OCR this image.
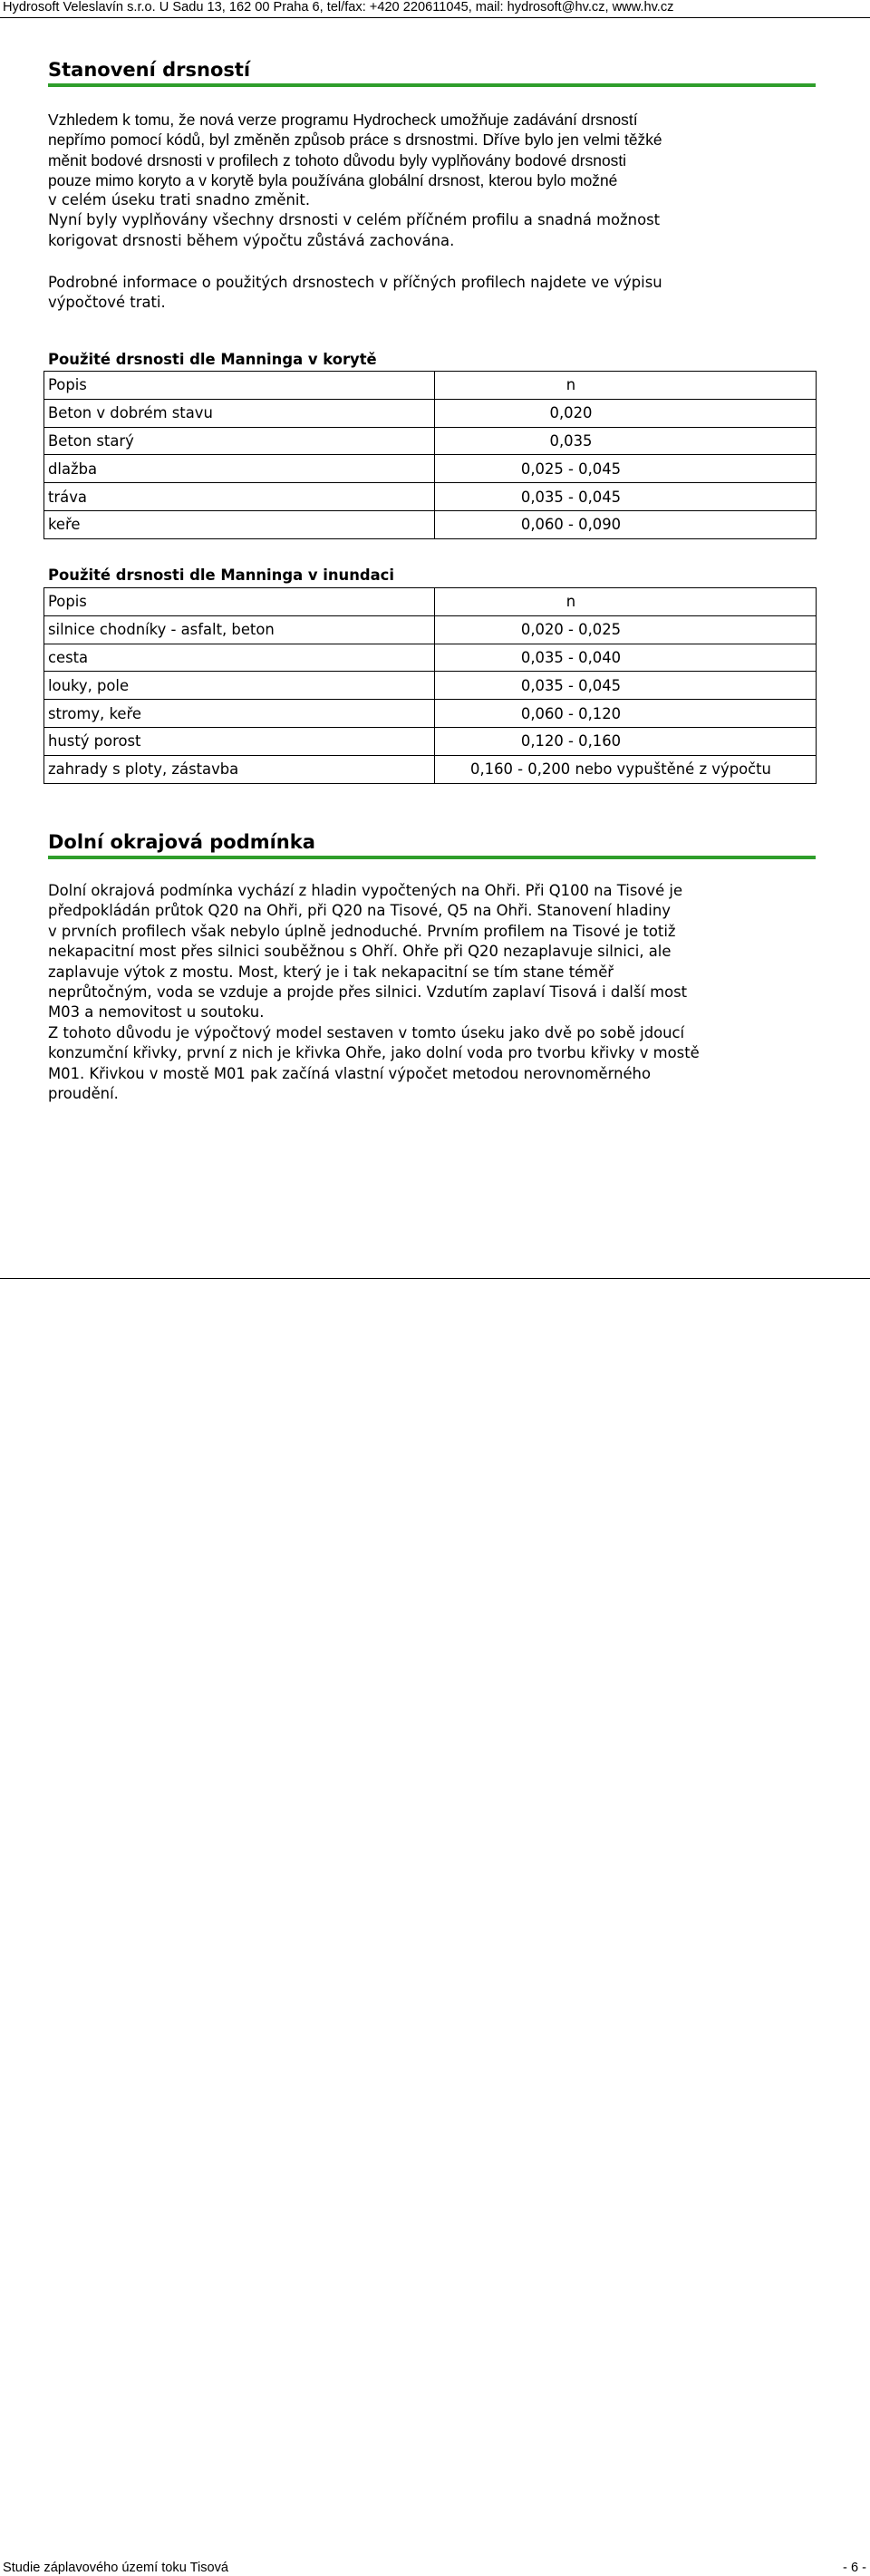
Hydrosoft Veleslavín s.r.o. U Sadu 13, 162 00 Praha 6, tel/fax: +420 220611045, mail: hydrosoft@hv.cz, www.hv.cz
Stanovení drsností
Vzhledem k tomu, že nová verze programu Hydrocheck umožňuje zadávání drsností
nepřímo pomocí kódů, byl změněn způsob práce s drsnostmi. Dříve bylo jen velmi těžké
měnit bodové drsnosti v profilech z tohoto důvodu byly vyplňovány bodové drsnosti
pouze mimo koryto a v korytě byla používána globální drsnost, kterou bylo možné
v celém úseku trati snadno změnit.
Nyní byly vyplňovány všechny drsnosti v celém příčném profilu a snadná možnost
korigovat drsnosti během výpočtu zůstává zachována.
Podrobné informace o použitých drsnostech v příčných profilech najdete ve výpisu
výpočtové trati.
Použité drsnosti dle Manninga v korytě
Popis	n
Beton v dobrém stavu	0,020
Beton starý	0,035
dlažba	0,025 - 0,045
tráva	0,035 - 0,045
keře	0,060 - 0,090
Použité drsnosti dle Manninga v inundaci
Popis	n
silnice chodníky - asfalt, beton	0,020 - 0,025
cesta	0,035 - 0,040
louky, pole	0,035 - 0,045
stromy, keře	0,060 - 0,120
hustý porost	0,120 - 0,160
zahrady s ploty, zástavba	0,160 - 0,200 nebo vypuštěné z výpočtu
Dolní okrajová podmínka
Dolní okrajová podmínka vychází z hladin vypočtených na Ohři. Při Q100 na Tisové je
předpokládán průtok Q20 na Ohři, při Q20 na Tisové, Q5 na Ohři. Stanovení hladiny
v prvních profilech však nebylo úplně jednoduché. Prvním profilem na Tisové je totiž
nekapacitní most přes silnici souběžnou s Ohří. Ohře při Q20 nezaplavuje silnici, ale
zaplavuje výtok z mostu. Most, který je i tak nekapacitní se tím stane téměř
neprůtočným, voda se vzduje a projde přes silnici. Vzdutím zaplaví Tisová i další most
M03 a nemovitost u soutoku.
Z tohoto důvodu je výpočtový model sestaven v tomto úseku jako dvě po sobě jdoucí
konzumční křivky, první z nich je křivka Ohře, jako dolní voda pro tvorbu křivky v mostě
M01. Křivkou v mostě M01 pak začíná vlastní výpočet metodou nerovnoměrného
proudění.
Studie záplavového území toku Tisová	- 6 -
